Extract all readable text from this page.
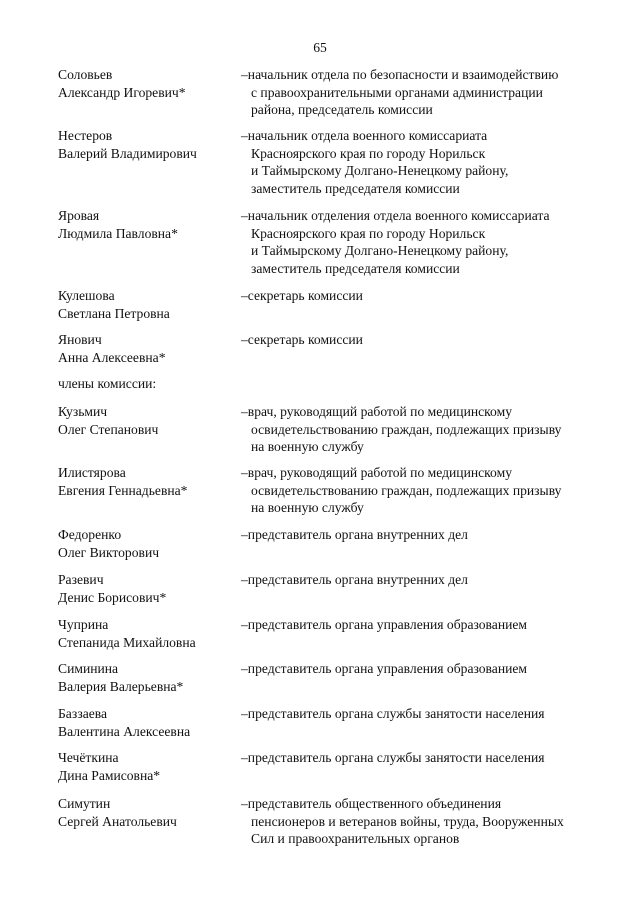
65
Соловьев
Александр Игоревич*
–начальник отдела по безопасности и взаимодействию
с правоохранительными органами администрации
района, председатель комиссии
Нестеров
Валерий Владимирович
–начальник отдела военного комиссариата
Красноярского края по городу Норильск
и Таймырскому Долгано-Ненецкому району,
заместитель председателя комиссии
Яровая
Людмила Павловна*
–начальник отделения отдела военного комиссариата
Красноярского края по городу Норильск
и Таймырскому Долгано-Ненецкому району,
заместитель председателя комиссии
Кулешова
Светлана Петровна
–секретарь комиссии
Янович
Анна Алексеевна*
–секретарь комиссии
члены комиссии:
Кузьмич
Олег Степанович
–врач, руководящий работой по медицинскому
освидетельствованию граждан, подлежащих призыву
на военную службу
Илистярова
Евгения Геннадьевна*
–врач, руководящий работой по медицинскому
освидетельствованию граждан, подлежащих призыву
на военную службу
Федоренко
Олег Викторович
–представитель органа внутренних дел
Разевич
Денис Борисович*
–представитель органа внутренних дел
Чуприна
Степанида Михайловна
–представитель органа управления образованием
Симинина
Валерия Валерьевна*
–представитель органа управления образованием
Баззаева
Валентина Алексеевна
–представитель органа службы занятости населения
Чечёткина
Дина Рамисовна*
–представитель органа службы занятости населения
Симутин
Сергей Анатольевич
–представитель общественного объединения
пенсионеров и ветеранов войны, труда, Вооруженных
Сил и правоохранительных органов
